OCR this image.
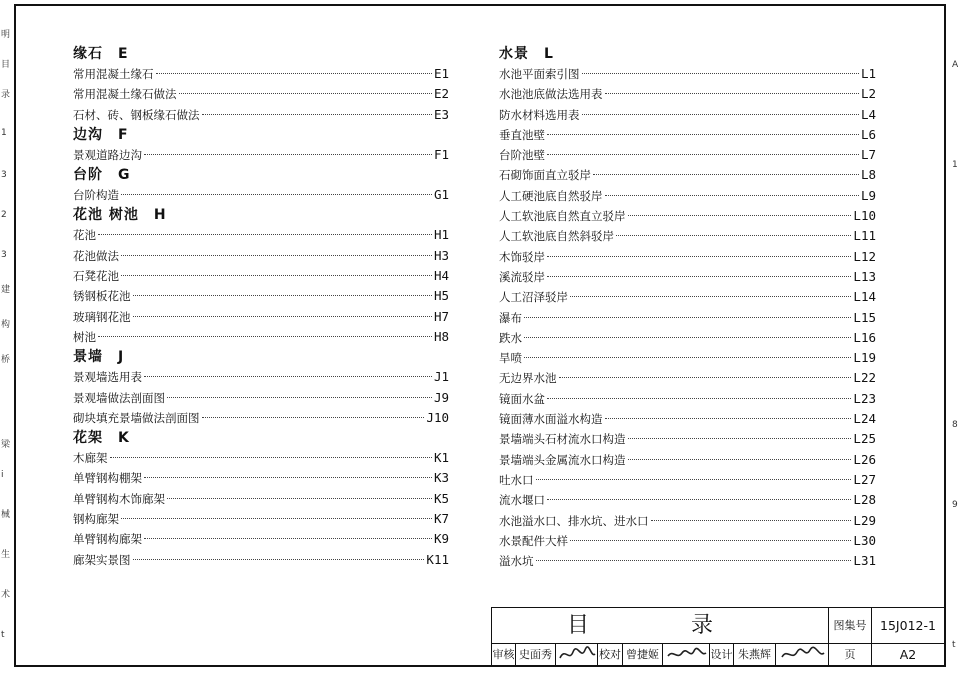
明
目
录
1
3
2
3
建
构
桥
梁
i
械
生
术
t
A
1
8
9
t
缘石　E
常用混凝土缘石	E1
常用混凝土缘石做法	E2
石材、砖、钢板缘石做法	E3
边沟　F
景观道路边沟	F1
台阶　G
台阶构造	G1
花池 树池　H
花池	H1
花池做法	H3
石凳花池	H4
锈钢板花池	H5
玻璃钢花池	H7
树池	H8
景墙　J
景观墙选用表	J1
景观墙做法剖面图	J9
砌块填充景墙做法剖面图	J10
花架　K
木廊架	K1
单臂钢构棚架	K3
单臂钢构木饰廊架	K5
钢构廊架	K7
单臂钢构廊架	K9
廊架实景图	K11
水景　L
水池平面索引图	L1
水池池底做法选用表	L2
防水材料选用表	L4
垂直池壁	L6
台阶池壁	L7
石砌饰面直立驳岸	L8
人工硬池底自然驳岸	L9
人工软池底自然直立驳岸	L10
人工软池底自然斜驳岸	L11
木饰驳岸	L12
溪流驳岸	L13
人工沼泽驳岸	L14
瀑布	L15
跌水	L16
旱喷	L19
无边界水池	L22
镜面水盆	L23
镜面薄水面溢水构造	L24
景墙端头石材流水口构造	L25
景墙端头金属流水口构造	L26
吐水口	L27
流水堰口	L28
水池溢水口、排水坑、进水口	L29
水景配件大样	L30
溢水坑	L31
目　录	图集号	15J012-1
审核 史面秀	校对 曾捷姬	设计 朱燕辉	页	A2
